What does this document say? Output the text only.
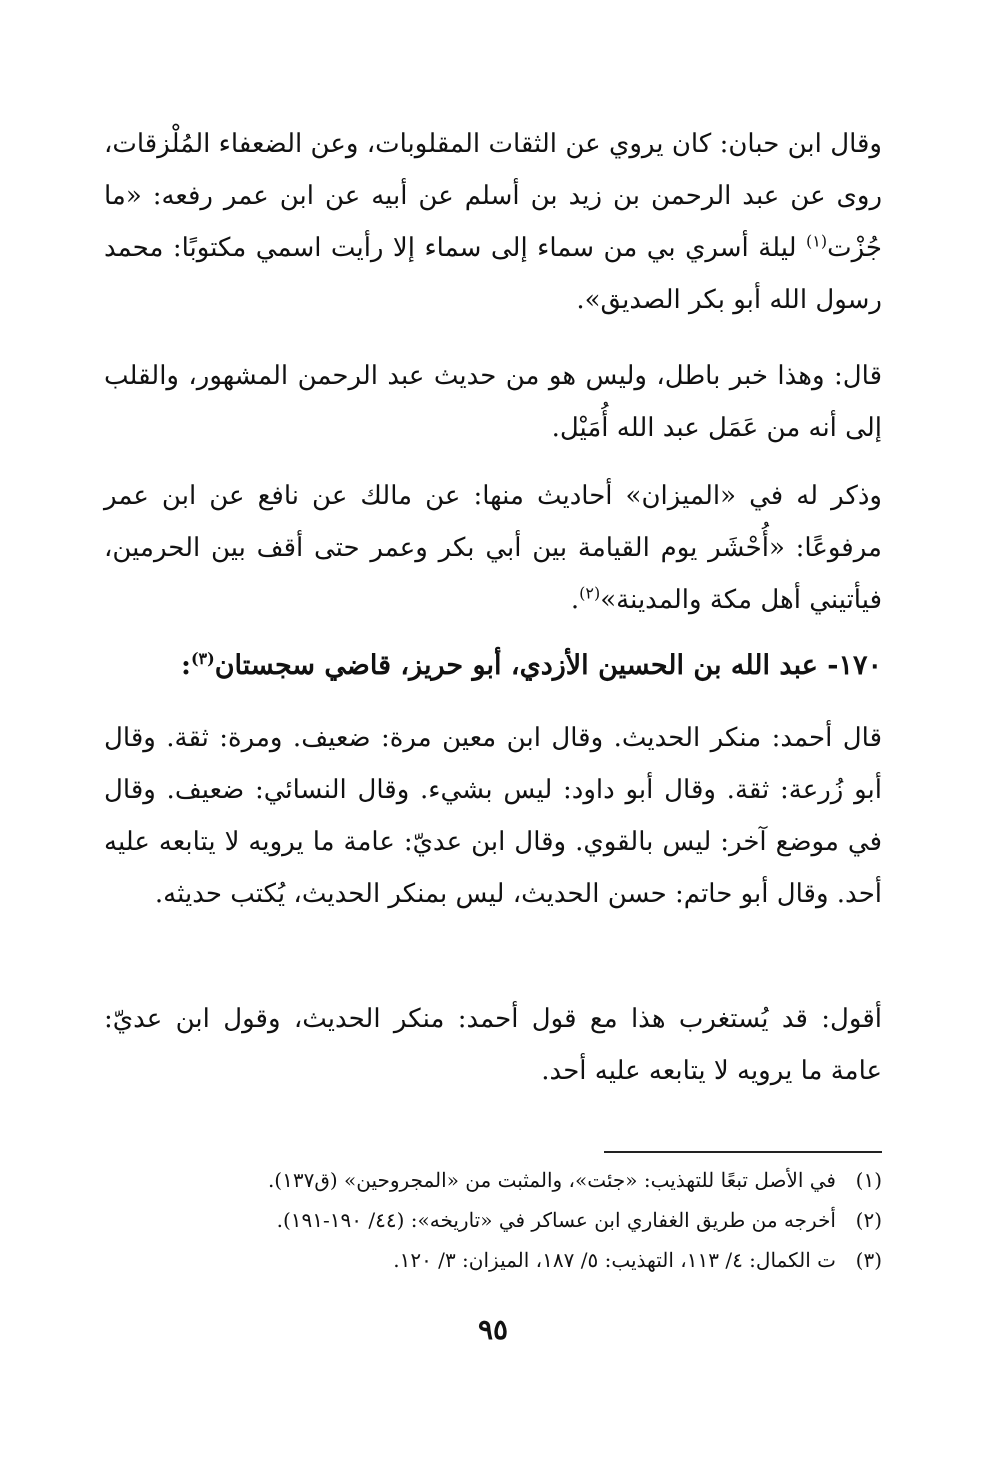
وقال ابن حبان: كان يروي عن الثقات المقلوبات، وعن الضعفاء المُلْزقات، روى عن عبد الرحمن بن زيد بن أسلم عن أبيه عن ابن عمر رفعه: «ما جُزْت$^{(١)}$ ليلة أسري بي من سماء إلى سماء إلا رأيت اسمي مكتوبًا: محمد رسول الله أبو بكر الصديق».

قال: وهذا خبر باطل، وليس هو من حديث عبد الرحمن المشهور، والقلب إلى أنه من عَمَل عبد الله أُمَيْل.

وذكر له في «الميزان» أحاديث منها: عن مالك عن نافع عن ابن عمر مرفوعًا: «أُحْشَر يوم القيامة بين أبي بكر وعمر حتى أقف بين الحرمين، فيأتيني أهل مكة والمدينة»$^{(٢)}$.

١٧٠- عبد الله بن الحسين الأزدي، أبو حريز، قاضي سجستان$^{(٣)}$:

قال أحمد: منكر الحديث. وقال ابن معين مرة: ضعيف. ومرة: ثقة. وقال أبو زُرعة: ثقة. وقال أبو داود: ليس بشيء. وقال النسائي: ضعيف. وقال في موضع آخر: ليس بالقوي. وقال ابن عديّ: عامة ما يرويه لا يتابعه عليه أحد. وقال أبو حاتم: حسن الحديث، ليس بمنكر الحديث، يُكتب حديثه.

أقول: قد يُستغرب هذا مع قول أحمد: منكر الحديث، وقول ابن عديّ: عامة ما يرويه لا يتابعه عليه أحد.

(١)في الأصل تبعًا للتهذيب: «جئت»، والمثبت من «المجروحين» (ق١٣٧).

(٢)أخرجه من طريق الغفاري ابن عساكر في «تاريخه»: (٤٤/ ١٩٠-١٩١).

(٣)ت الكمال: ٤/ ١١٣، التهذيب: ٥/ ١٨٧، الميزان: ٣/ ١٢٠.

٩٥
